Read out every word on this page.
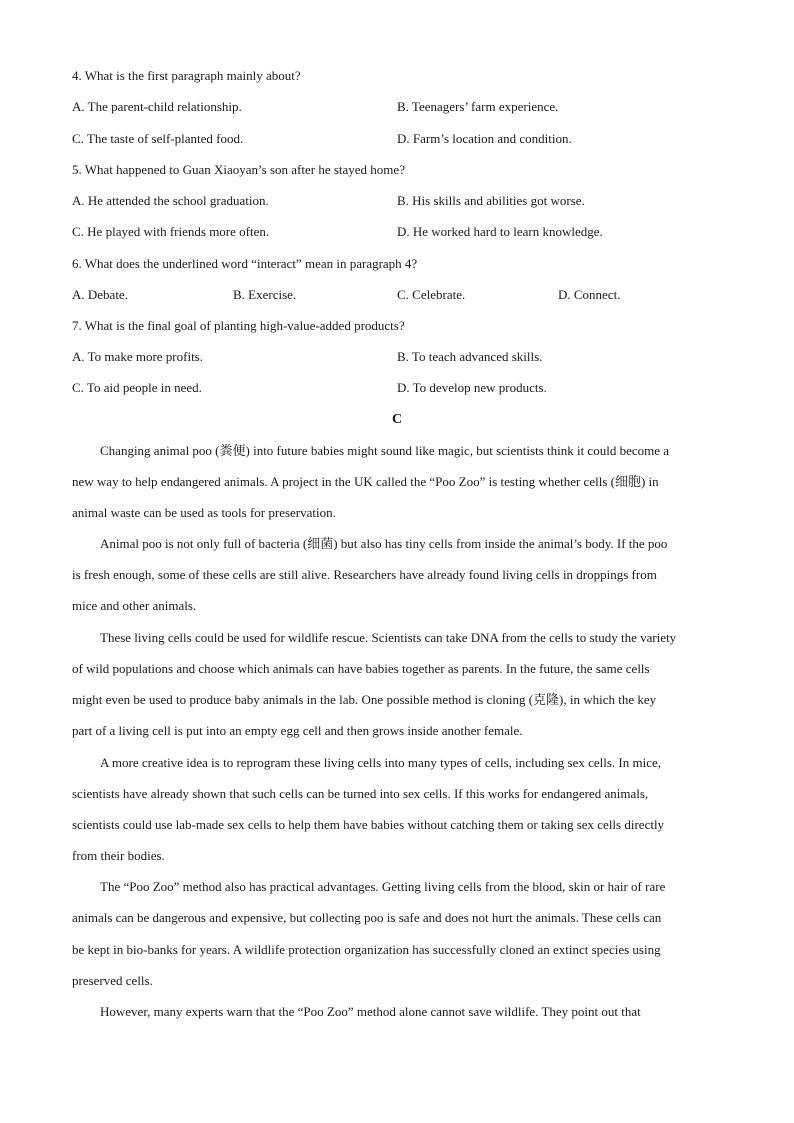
4. What is the first paragraph mainly about?
A. The parent-child relationship.	B. Teenagers’ farm experience.
C. The taste of self-planted food.	D. Farm’s location and condition.
5. What happened to Guan Xiaoyan’s son after he stayed home?
A. He attended the school graduation.	B. His skills and abilities got worse.
C. He played with friends more often.	D. He worked hard to learn knowledge.
6. What does the underlined word “interact” mean in paragraph 4?
A. Debate.	B. Exercise.	C. Celebrate.	D. Connect.
7. What is the final goal of planting high-value-added products?
A. To make more profits.	B. To teach advanced skills.
C. To aid people in need.	D. To develop new products.
C
Changing animal poo (粪便) into future babies might sound like magic, but scientists think it could become a
new way to help endangered animals. A project in the UK called the “Poo Zoo” is testing whether cells (细胞) in
animal waste can be used as tools for preservation.
Animal poo is not only full of bacteria (细菌) but also has tiny cells from inside the animal’s body. If the poo
is fresh enough, some of these cells are still alive. Researchers have already found living cells in droppings from
mice and other animals.
These living cells could be used for wildlife rescue. Scientists can take DNA from the cells to study the variety
of wild populations and choose which animals can have babies together as parents. In the future, the same cells
might even be used to produce baby animals in the lab. One possible method is cloning (克隆), in which the key
part of a living cell is put into an empty egg cell and then grows inside another female.
A more creative idea is to reprogram these living cells into many types of cells, including sex cells. In mice,
scientists have already shown that such cells can be turned into sex cells. If this works for endangered animals,
scientists could use lab-made sex cells to help them have babies without catching them or taking sex cells directly
from their bodies.
The “Poo Zoo” method also has practical advantages. Getting living cells from the blood, skin or hair of rare
animals can be dangerous and expensive, but collecting poo is safe and does not hurt the animals. These cells can
be kept in bio-banks for years. A wildlife protection organization has successfully cloned an extinct species using
preserved cells.
However, many experts warn that the “Poo Zoo” method alone cannot save wildlife. They point out that
